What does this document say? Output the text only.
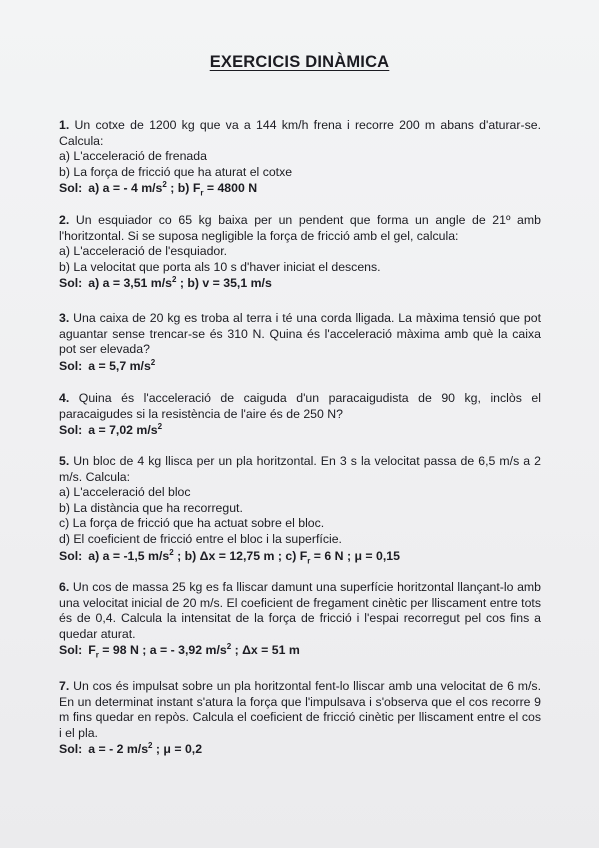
EXERCICIS DINÀMICA

1. Un cotxe de 1200 kg que va a 144 km/h frena i recorre 200 m abans d'aturar-se. Calcula:

a) L'acceleració de frenada
b) La força de fricció que ha aturat el cotxe
Sol: a) a = - 4 $m/s^2$ ; b) $F_r = 4800$ N

2. Un esquiador co 65 kg baixa per un pendent que forma un angle de 21º amb l'horitzontal. Si se suposa negligible la força de fricció amb el gel, calcula:

a) L'acceleració de l'esquiador.
b) La velocitat que porta als 10 s d'haver iniciat el descens.
Sol: a) a = 3,51 $m/s^2$ ; b) v = 35,1 m/s

3. Una caixa de 20 kg es troba al terra i té una corda lligada. La màxima tensió que pot aguantar sense trencar-se és 310 N. Quina és l'acceleració màxima amb què la caixa pot ser elevada?

Sol: a = 5,7 $m/s^2$

4. Quina és l'acceleració de caiguda d'un paracaigudista de 90 kg, inclòs el paracaigudes si la resistència de l'aire és de 250 N?

Sol: a = 7,02 $m/s^2$

5. Un bloc de 4 kg llisca per un pla horitzontal. En 3 s la velocitat passa de 6,5 m/s a 2 m/s. Calcula:

a) L'acceleració del bloc
b) La distància que ha recorregut.
c) La força de fricció que ha actuat sobre el bloc.
d) El coeficient de fricció entre el bloc i la superfície.
Sol: a) a = -1,5 $m/s^2$ ; b) Δx = 12,75 m ; c) $F_r = 6$ N ; μ = 0,15

6. Un cos de massa 25 kg es fa lliscar damunt una superfície horitzontal llançant-lo amb una velocitat inicial de 20 m/s. El coeficient de fregament cinètic per lliscament entre tots és de 0,4. Calcula la intensitat de la força de fricció i l'espai recorregut pel cos fins a quedar aturat.

Sol: $F_r = 98$ N ; a = - 3,92 $m/s^2$ ; Δx = 51 m

7. Un cos és impulsat sobre un pla horitzontal fent-lo lliscar amb una velocitat de 6 m/s. En un determinat instant s'atura la força que l'impulsava i s'observa que el cos recorre 9 m fins quedar en repòs. Calcula el coeficient de fricció cinètic per lliscament entre el cos i el pla.

Sol: a = - 2 $m/s^2$ ; μ = 0,2
